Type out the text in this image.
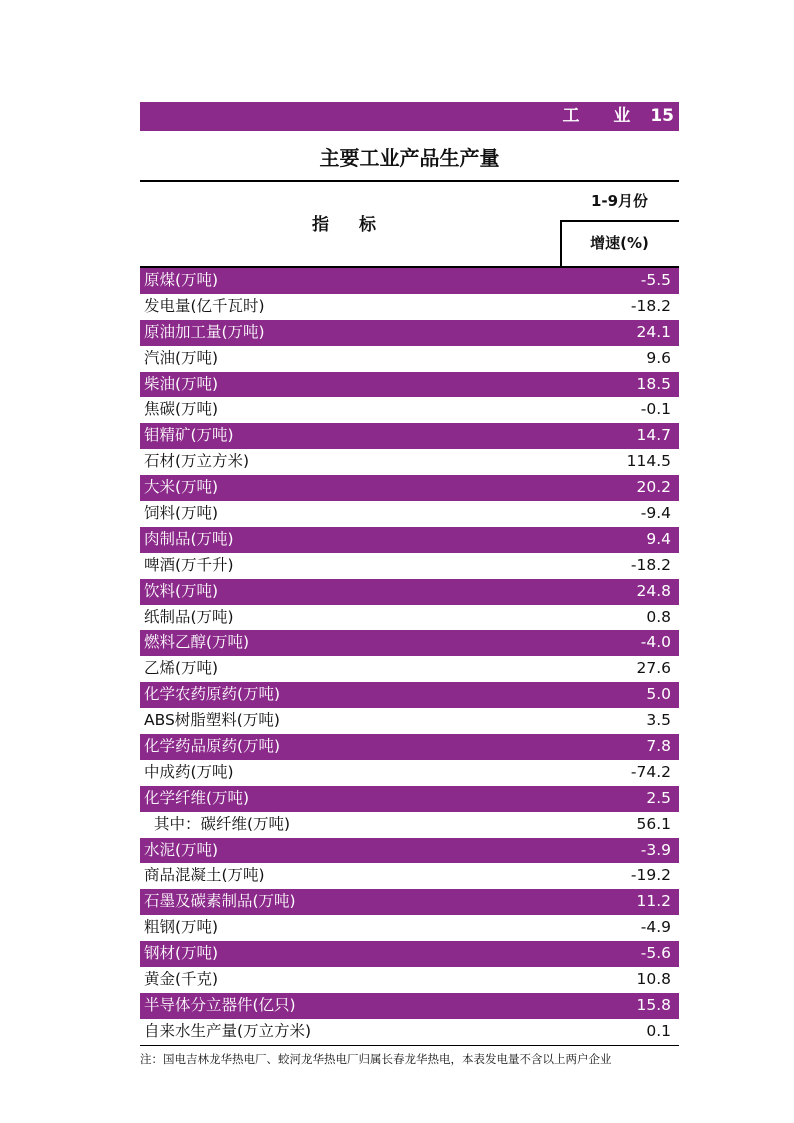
工 业 15
主要工业产品生产量
指 标
1-9月份
增速(%)
原煤(万吨)	-5.5
发电量(亿千瓦时)	-18.2
原油加工量(万吨)	24.1
汽油(万吨)	9.6
柴油(万吨)	18.5
焦碳(万吨)	-0.1
钼精矿(万吨)	14.7
石材(万立方米)	114.5
大米(万吨)	20.2
饲料(万吨)	-9.4
肉制品(万吨)	9.4
啤酒(万千升)	-18.2
饮料(万吨)	24.8
纸制品(万吨)	0.8
燃料乙醇(万吨)	-4.0
乙烯(万吨)	27.6
化学农药原药(万吨)	5.0
ABS树脂塑料(万吨)	3.5
化学药品原药(万吨)	7.8
中成药(万吨)	-74.2
化学纤维(万吨)	2.5
其中：碳纤维(万吨)	56.1
水泥(万吨)	-3.9
商品混凝土(万吨)	-19.2
石墨及碳素制品(万吨)	11.2
粗钢(万吨)	-4.9
钢材(万吨)	-5.6
黄金(千克)	10.8
半导体分立器件(亿只)	15.8
自来水生产量(万立方米)	0.1
注：国电吉林龙华热电厂、蛟河龙华热电厂归属长春龙华热电，本表发电量不含以上两户企业
